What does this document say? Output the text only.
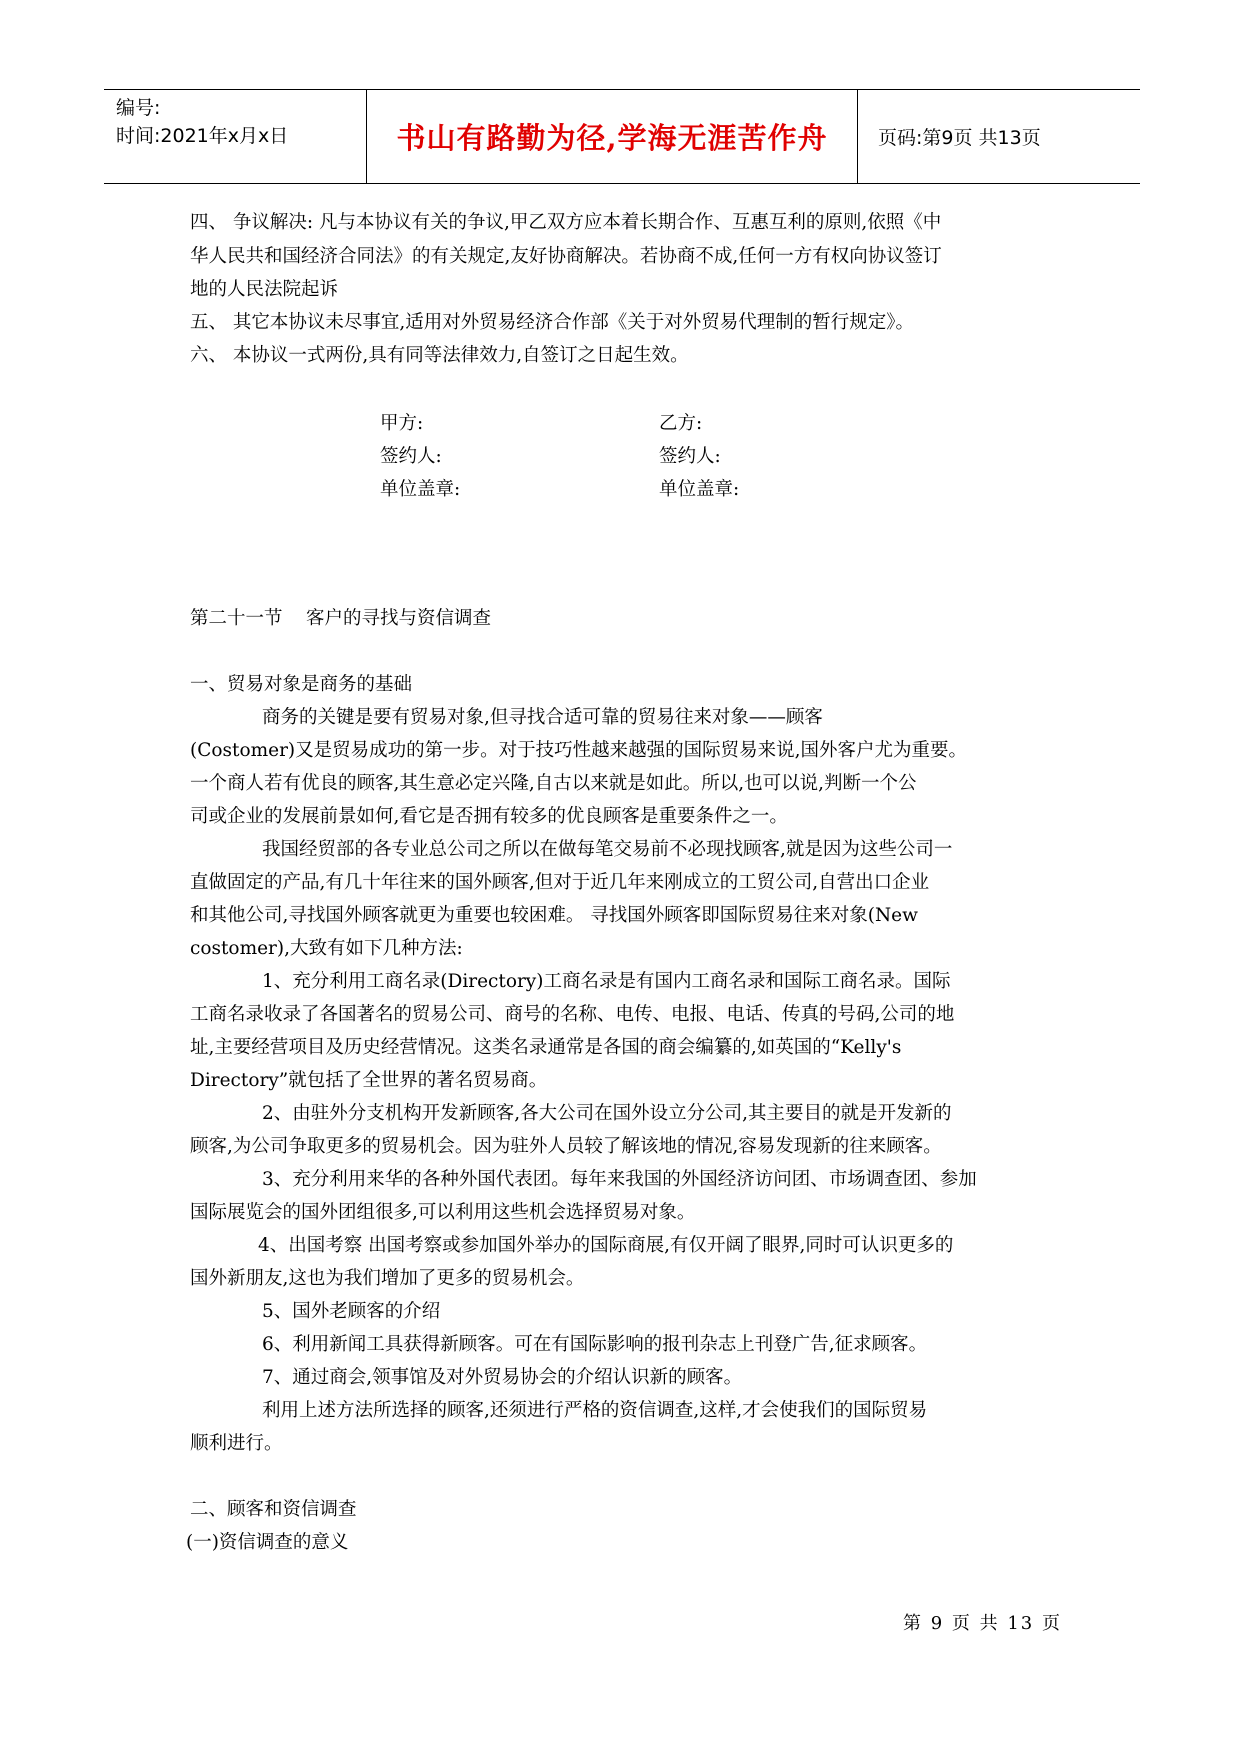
编号:
时间:2021年x月x日	书山有路勤为径,学海无涯苦作舟	页码:第9页 共13页
四、 争议解决: 凡与本协议有关的争议,甲乙双方应本着长期合作、互惠互利的原则,依照《中
华人民共和国经济合同法》的有关规定,友好协商解决。若协商不成,任何一方有权向协议签订
地的人民法院起诉
五、 其它本协议未尽事宜,适用对外贸易经济合作部《关于对外贸易代理制的暂行规定》。
六、 本协议一式两份,具有同等法律效力,自签订之日起生效。
甲方:	乙方:
签约人:	签约人:
单位盖章:	单位盖章:
第二十一节    客户的寻找与资信调查
一、贸易对象是商务的基础
商务的关键是要有贸易对象,但寻找合适可靠的贸易往来对象——顾客
(Costomer)又是贸易成功的第一步。对于技巧性越来越强的国际贸易来说,国外客户尤为重要。
一个商人若有优良的顾客,其生意必定兴隆,自古以来就是如此。所以,也可以说,判断一个公
司或企业的发展前景如何,看它是否拥有较多的优良顾客是重要条件之一。
我国经贸部的各专业总公司之所以在做每笔交易前不必现找顾客,就是因为这些公司一
直做固定的产品,有几十年往来的国外顾客,但对于近几年来刚成立的工贸公司,自营出口企业
和其他公司,寻找国外顾客就更为重要也较困难。 寻找国外顾客即国际贸易往来对象(New
costomer),大致有如下几种方法:
1、充分利用工商名录(Directory)工商名录是有国内工商名录和国际工商名录。国际
工商名录收录了各国著名的贸易公司、商号的名称、电传、电报、电话、传真的号码,公司的地
址,主要经营项目及历史经营情况。这类名录通常是各国的商会编纂的,如英国的“Kelly's
Directory”就包括了全世界的著名贸易商。
2、由驻外分支机构开发新顾客,各大公司在国外设立分公司,其主要目的就是开发新的
顾客,为公司争取更多的贸易机会。因为驻外人员较了解该地的情况,容易发现新的往来顾客。
3、充分利用来华的各种外国代表团。每年来我国的外国经济访问团、市场调查团、参加
国际展览会的国外团组很多,可以利用这些机会选择贸易对象。
4、出国考察 出国考察或参加国外举办的国际商展,有仅开阔了眼界,同时可认识更多的
国外新朋友,这也为我们增加了更多的贸易机会。
5、国外老顾客的介绍
6、利用新闻工具获得新顾客。可在有国际影响的报刊杂志上刊登广告,征求顾客。
7、通过商会,领事馆及对外贸易协会的介绍认识新的顾客。
利用上述方法所选择的顾客,还须进行严格的资信调查,这样,才会使我们的国际贸易
顺利进行。
二、顾客和资信调查
(一)资信调查的意义
第 9 页 共 13 页
